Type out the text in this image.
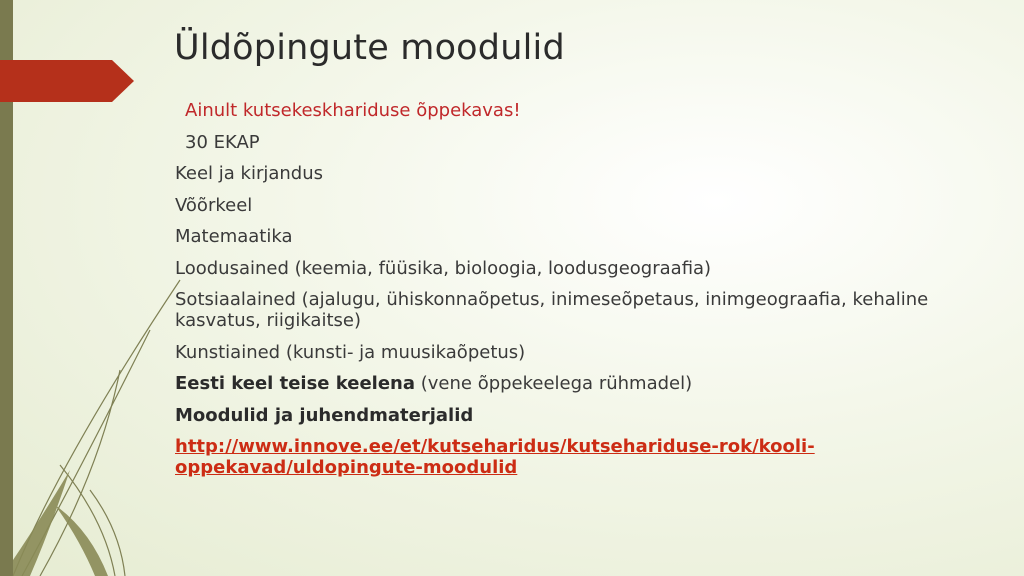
Üldõpingute moodulid

Ainult kutsekeskhariduse õppekavas!

30 EKAP

Keel ja kirjandus

Võõrkeel

Matemaatika

Loodusained (keemia, füüsika, bioloogia, loodusgeograafia)

Sotsiaalained (ajalugu, ühiskonnaõpetus, inimeseõpetaus, inimgeograafia, kehaline kasvatus, riigikaitse)

Kunstiained (kunsti- ja muusikaõpetus)

Eesti keel teise keelena (vene õppekeelega rühmadel)

Moodulid ja juhendmaterjalid

http://www.innove.ee/et/kutseharidus/kutsehariduse-rok/kooli-oppekavad/uldopingute-moodulid
